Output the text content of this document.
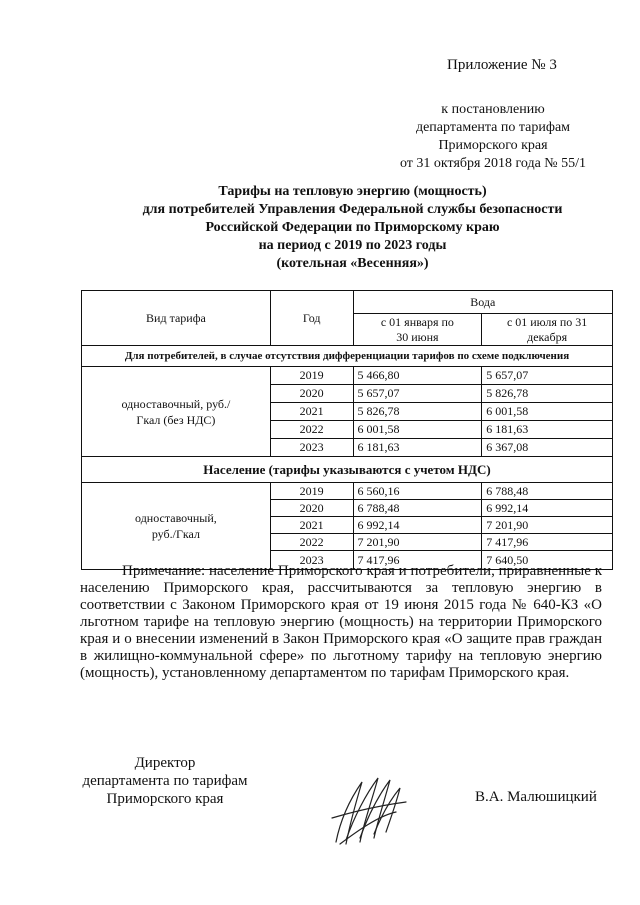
Приложение № 3
к постановлению
департамента по тарифам
Приморского края
от 31 октября 2018 года № 55/1
Тарифы на тепловую энергию (мощность)
для потребителей Управления Федеральной службы безопасности
Российской Федерации по Приморскому краю
на период с 2019 по 2023 годы
(котельная «Весенняя»)
Вид тарифа	Год	Вода	
		с 01 января по 30 июня	с 01 июля по 31 декабря
Для потребителей, в случае отсутствия дифференциации тарифов по схеме подключения			
одноставочный, руб./Гкал (без НДС)	2019	5 466,80	5 657,07
	2020	5 657,07	5 826,78
	2021	5 826,78	6 001,58
	2022	6 001,58	6 181,63
	2023	6 181,63	6 367,08
Население (тарифы указываются с учетом НДС)			
одноставочный, руб./Гкал	2019	6 560,16	6 788,48
	2020	6 788,48	6 992,14
	2021	6 992,14	7 201,90
	2022	7 201,90	7 417,96
	2023	7 417,96	7 640,50

Примечание: население Приморского края и потребители, приравненные к населению Приморского края, рассчитываются за тепловую энергию в соответствии с Законом Приморского края от 19 июня 2015 года № 640-КЗ «О льготном тарифе на тепловую энергию (мощность) на территории Приморского края и о внесении изменений в Закон Приморского края «О защите прав граждан в жилищно-коммунальной сфере» по льготному тарифу на тепловую энергию (мощность), установленному департаментом по тарифам Приморского края.

Директор
департамента по тарифам
Приморского края	В.А. Малюшицкий
